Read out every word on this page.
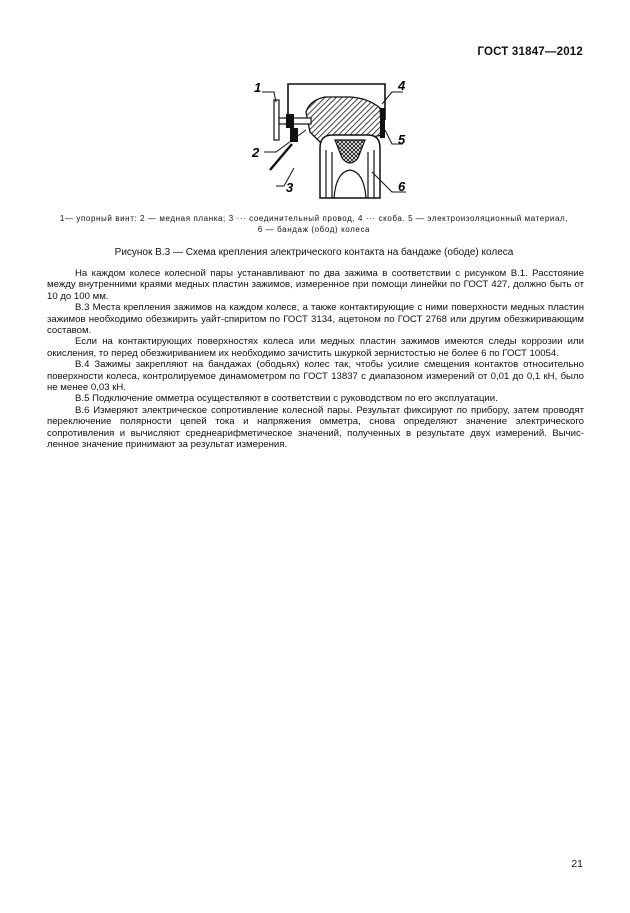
ГОСТ 31847—2012
1
2
3
4
5
6
1— упорный винт: 2 — медная планка; 3 ··· соединительный провод, 4 ··· скоба. 5 — электроизоляционный материал,
6 — бандаж (обод) колеса
Рисунок В.3 — Схема крепления электрического контакта на бандаже (ободе) колеса

На каждом колесе колесной пары устанавливают по два зажима в соответствии с рисунком В.1. Расстояние между внутренними краями медных пластин зажимов, измеренное при помощи линейки по ГОСТ 427, должно быть от 10 до 100 мм.

В.3 Места крепления зажимов на каждом колесе, а также контактирующие с ними поверхности медных пластин зажимов необходимо обезжирить уайт-спиритом по ГОСТ 3134, ацетоном по ГОСТ 2768 или другим обезжиривающим составом.

Если на контактирующих поверхностях колеса или медных пластин зажимов имеются следы коррозии или окисления, то перед обезжириванием их необходимо зачистить шкуркой зернистостью не более 6 по ГОСТ 10054.

В.4 Зажимы закрепляют на бандажах (ободьях) колес так, чтобы усилие смещения контактов относительно поверхности колеса, контролируемое динамометром по ГОСТ 13837 с диапазоном измерений от 0,01 до 0,1 кН, было не менее 0,03 кН.

В.5 Подключение омметра осуществляют в соответствии с руководством по его эксплуатации.

В.6 Измеряют электрическое сопротивление колесной пары. Результат фиксируют по прибору, затем проводят переключение полярности цепей тока и напряжения омметра, снова определяют значение электрического сопротивления и вычисляют среднеарифметическое значений, полученных в результате двух измерений. Вычисленное значение принимают за результат измерения.

21
